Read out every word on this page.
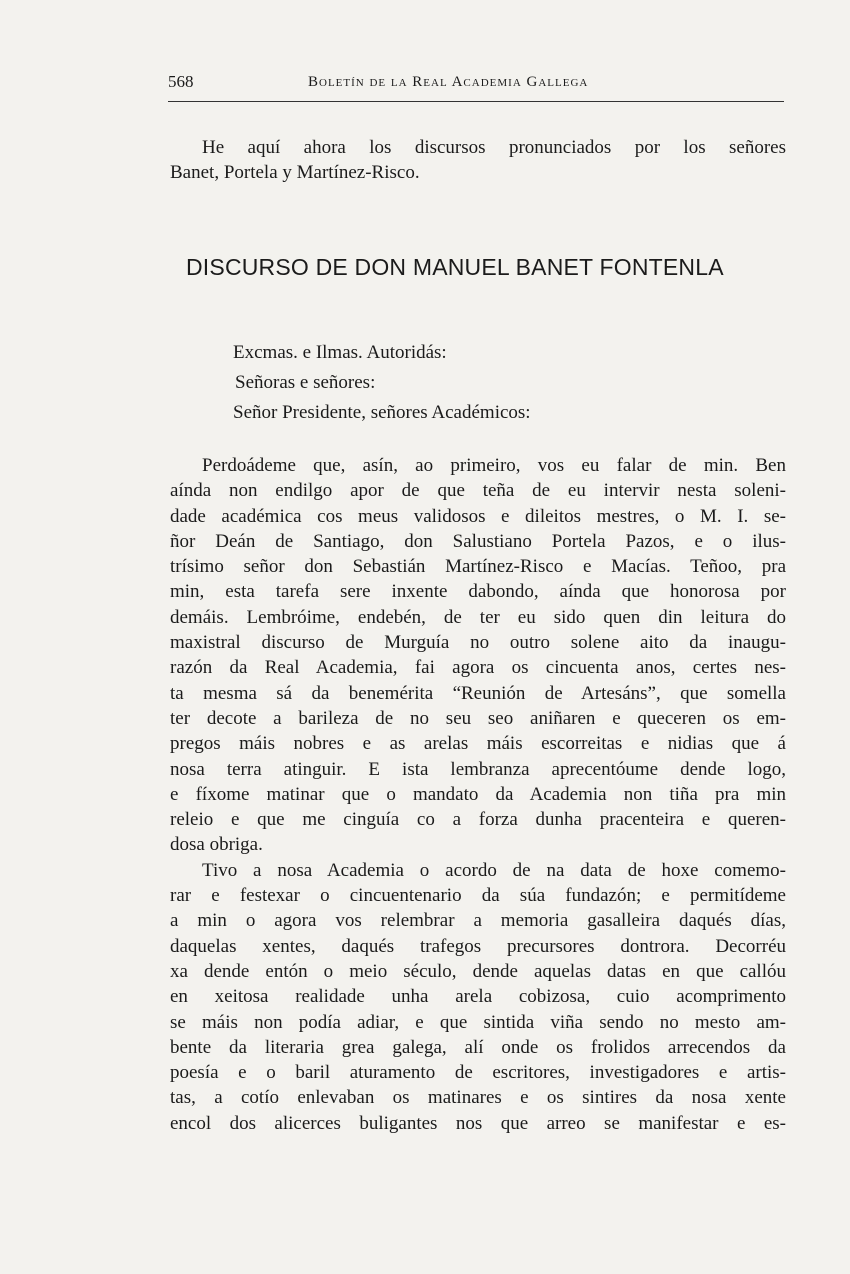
568	Boletín de la Real Academia Gallega
He aquí ahora los discursos pronunciados por los señores
Banet, Portela y Martínez-Risco.
DISCURSO DE DON MANUEL BANET FONTENLA

Excmas. e Ilmas. Autoridás:

Señoras e señores:

Señor Presidente, señores Académicos:

Perdoádeme que, asín, ao primeiro, vos eu falar de min. Ben
aínda non endilgo apor de que teña de eu intervir nesta soleni-
dade académica cos meus validosos e dileitos mestres, o M. I. se-
ñor Deán de Santiago, don Salustiano Portela Pazos, e o ilus-
trísimo señor don Sebastián Martínez-Risco e Macías. Teñoo, pra
min, esta tarefa sere inxente dabondo, aínda que honorosa por
demáis. Lembróime, endebén, de ter eu sido quen din leitura do
maxistral discurso de Murguía no outro solene aito da inaugu-
razón da Real Academia, fai agora os cincuenta anos, certes nes-
ta mesma sá da benemérita “Reunión de Artesáns”, que somella
ter decote a barileza de no seu seo aniñaren e queceren os em-
pregos máis nobres e as arelas máis escorreitas e nidias que á
nosa terra atinguir. E ista lembranza aprecentóume dende logo,
e fíxome matinar que o mandato da Academia non tiña pra min
releio e que me cinguía co a forza dunha pracenteira e queren-
dosa obriga.
Tivo a nosa Academia o acordo de na data de hoxe comemo-
rar e festexar o cincuentenario da súa fundazón; e permitídeme
a min o agora vos relembrar a memoria gasalleira daqués días,
daquelas xentes, daqués trafegos precursores dontrora. Decorréu
xa dende entón o meio século, dende aquelas datas en que callóu
en xeitosa realidade unha arela cobizosa, cuio acomprimento
se máis non podía adiar, e que sintida viña sendo no mesto am-
bente da literaria grea galega, alí onde os frolidos arrecendos da
poesía e o baril aturamento de escritores, investigadores e artis-
tas, a cotío enlevaban os matinares e os sintires da nosa xente
encol dos alicerces buligantes nos que arreo se manifestar e es-
